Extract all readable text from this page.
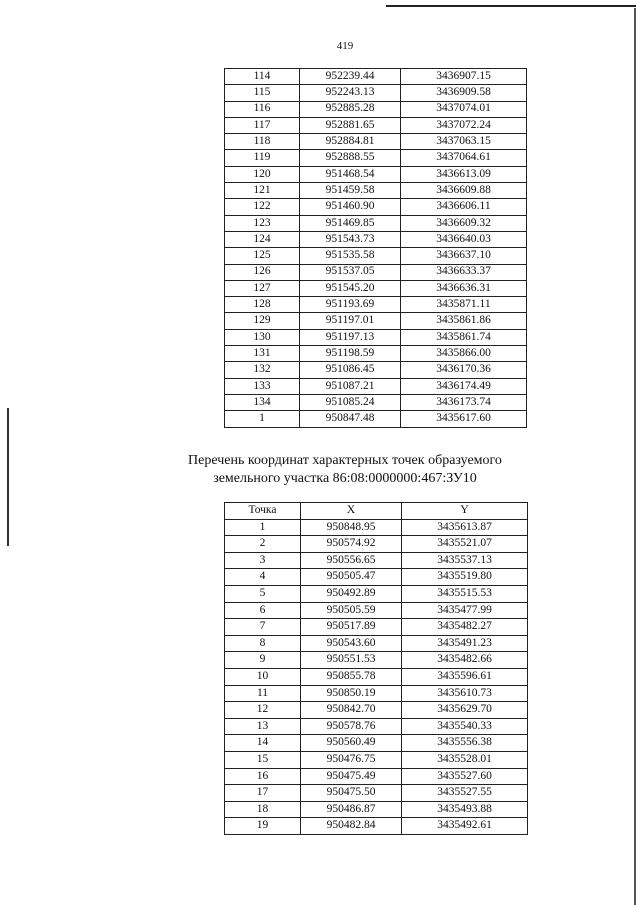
419
114	952239.44	3436907.15
115	952243.13	3436909.58
116	952885.28	3437074.01
117	952881.65	3437072.24
118	952884.81	3437063.15
119	952888.55	3437064.61
120	951468.54	3436613.09
121	951459.58	3436609.88
122	951460.90	3436606.11
123	951469.85	3436609.32
124	951543.73	3436640.03
125	951535.58	3436637.10
126	951537.05	3436633.37
127	951545.20	3436636.31
128	951193.69	3435871.11
129	951197.01	3435861.86
130	951197.13	3435861.74
131	951198.59	3435866.00
132	951086.45	3436170.36
133	951087.21	3436174.49
134	951085.24	3436173.74
1	950847.48	3435617.60
Перечень координат характерных точек образуемого
земельного участка 86:08:0000000:467:ЗУ10
Точка	X	Y
1	950848.95	3435613.87
2	950574.92	3435521.07
3	950556.65	3435537.13
4	950505.47	3435519.80
5	950492.89	3435515.53
6	950505.59	3435477.99
7	950517.89	3435482.27
8	950543.60	3435491.23
9	950551.53	3435482.66
10	950855.78	3435596.61
11	950850.19	3435610.73
12	950842.70	3435629.70
13	950578.76	3435540.33
14	950560.49	3435556.38
15	950476.75	3435528.01
16	950475.49	3435527.60
17	950475.50	3435527.55
18	950486.87	3435493.88
19	950482.84	3435492.61
